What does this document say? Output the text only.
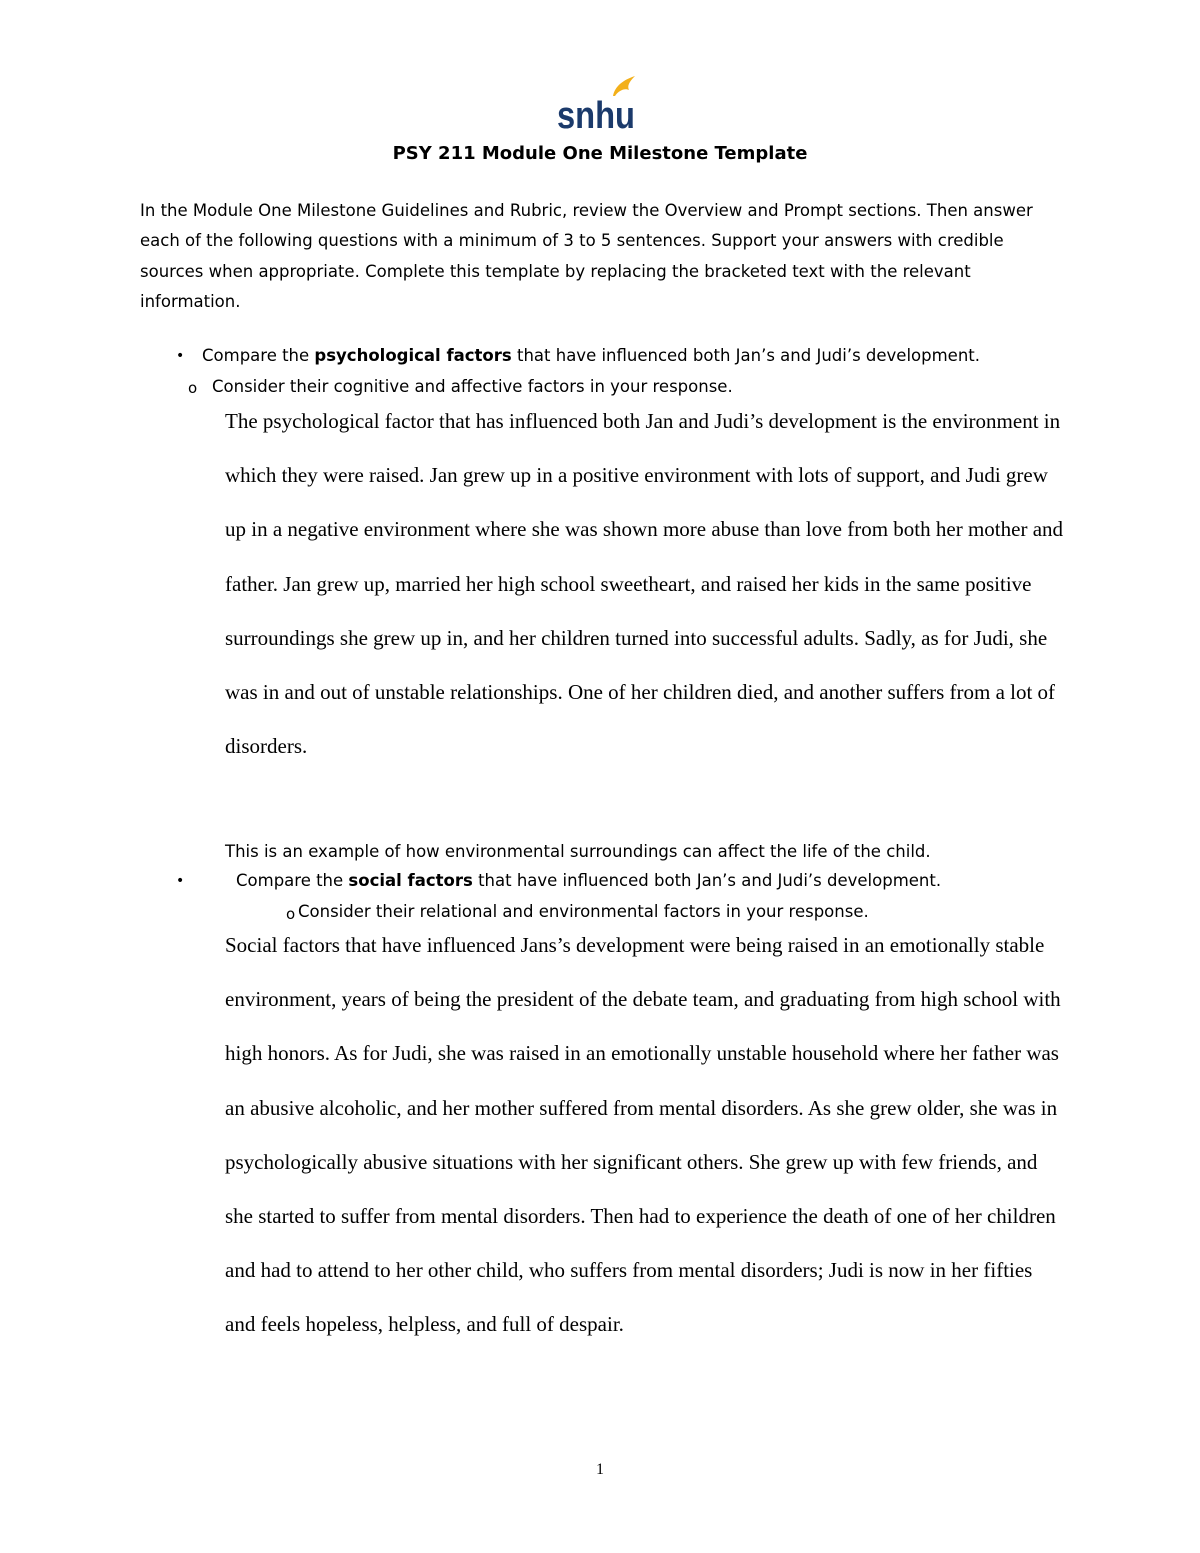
snhu
PSY 211 Module One Milestone Template

In the Module One Milestone Guidelines and Rubric, review the Overview and Prompt sections. Then answer each of the following questions with a minimum of 3 to 5 sentences. Support your answers with credible sources when appropriate. Complete this template by replacing the bracketed text with the relevant information.

• Compare the psychological factors that have influenced both Jan’s and Judi’s development.
o Consider their cognitive and affective factors in your response.

The psychological factor that has influenced both Jan and Judi’s development is the environment in which they were raised. Jan grew up in a positive environment with lots of support, and Judi grew up in a negative environment where she was shown more abuse than love from both her mother and father. Jan grew up, married her high school sweetheart, and raised her kids in the same positive surroundings she grew up in, and her children turned into successful adults. Sadly, as for Judi, she was in and out of unstable relationships. One of her children died, and another suffers from a lot of disorders.

This is an example of how environmental surroundings can affect the life of the child.
•	Compare the social factors that have influenced both Jan’s and Judi’s development.
o Consider their relational and environmental factors in your response.

Social factors that have influenced Jans’s development were being raised in an emotionally stable environment, years of being the president of the debate team, and graduating from high school with high honors. As for Judi, she was raised in an emotionally unstable household where her father was an abusive alcoholic, and her mother suffered from mental disorders. As she grew older, she was in psychologically abusive situations with her significant others. She grew up with few friends, and she started to suffer from mental disorders. Then had to experience the death of one of her children and had to attend to her other child, who suffers from mental disorders; Judi is now in her fifties and feels hopeless, helpless, and full of despair.

1
